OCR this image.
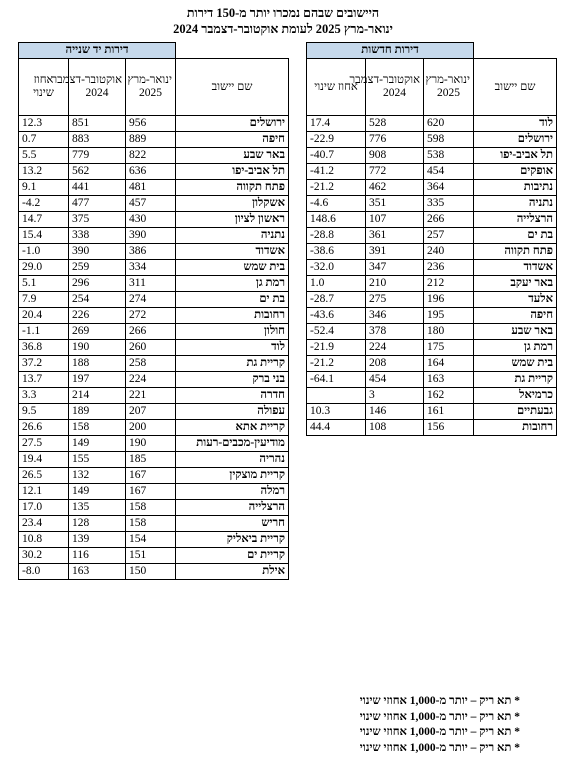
היישובים שבהם נמכרו יותר מ-150 דירות
ינואר-מרץ 2025 לעומת אוקטובר-דצמבר 2024
	דירות יד שנייה		
שם יישוב	ינואר-מרץ 2025	אוקטובר-דצמבר 2024	אחוז שינוי
ירושלים	956	851	12.3
חיפה	889	883	0.7
באר שבע	822	779	5.5
תל אביב-יפו	636	562	13.2
פתח תקווה	481	441	9.1
אשקלון	457	477	-4.2
ראשון לציון	430	375	14.7
נתניה	390	338	15.4
אשדוד	386	390	-1.0
בית שמש	334	259	29.0
רמת גן	311	296	5.1
בת ים	274	254	7.9
רחובות	272	226	20.4
חולון	266	269	-1.1
לוד	260	190	36.8
קריית גת	258	188	37.2
בני ברק	224	197	13.7
חדרה	221	214	3.3
עפולה	207	189	9.5
קריית אתא	200	158	26.6
מודיעין-מכבים-רעות	190	149	27.5
נהריה	185	155	19.4
קריית מוצקין	167	132	26.5
רמלה	167	149	12.1
הרצלייה	158	135	17.0
חריש	158	128	23.4
קריית ביאליק	154	139	10.8
קריית ים	151	116	30.2
אילת	150	163	-8.0
	דירות חדשות		
שם יישוב	ינואר-מרץ 2025	אוקטובר-דצמבר 2024	אחוז שינוי
לוד	620	528	17.4
ירושלים	598	776	-22.9
תל אביב-יפו	538	908	-40.7
אופקים	454	772	-41.2
נתיבות	364	462	-21.2
נתניה	335	351	-4.6
הרצלייה	266	107	148.6
בת ים	257	361	-28.8
פתח תקווה	240	391	-38.6
אשדוד	236	347	-32.0
באר יעקב	212	210	1.0
אלעד	196	275	-28.7
חיפה	195	346	-43.6
באר שבע	180	378	-52.4
רמת גן	175	224	-21.9
בית שמש	164	208	-21.2
קריית גת	163	454	-64.1
כרמיאל	162	3	
גבעתיים	161	146	10.3
רחובות	156	108	44.4
* תא ריק – יותר מ-1,000 אחוזי שינוי
* תא ריק – יותר מ-1,000 אחוזי שינוי
* תא ריק – יותר מ-1,000 אחוזי שינוי
* תא ריק – יותר מ-1,000 אחוזי שינוי
